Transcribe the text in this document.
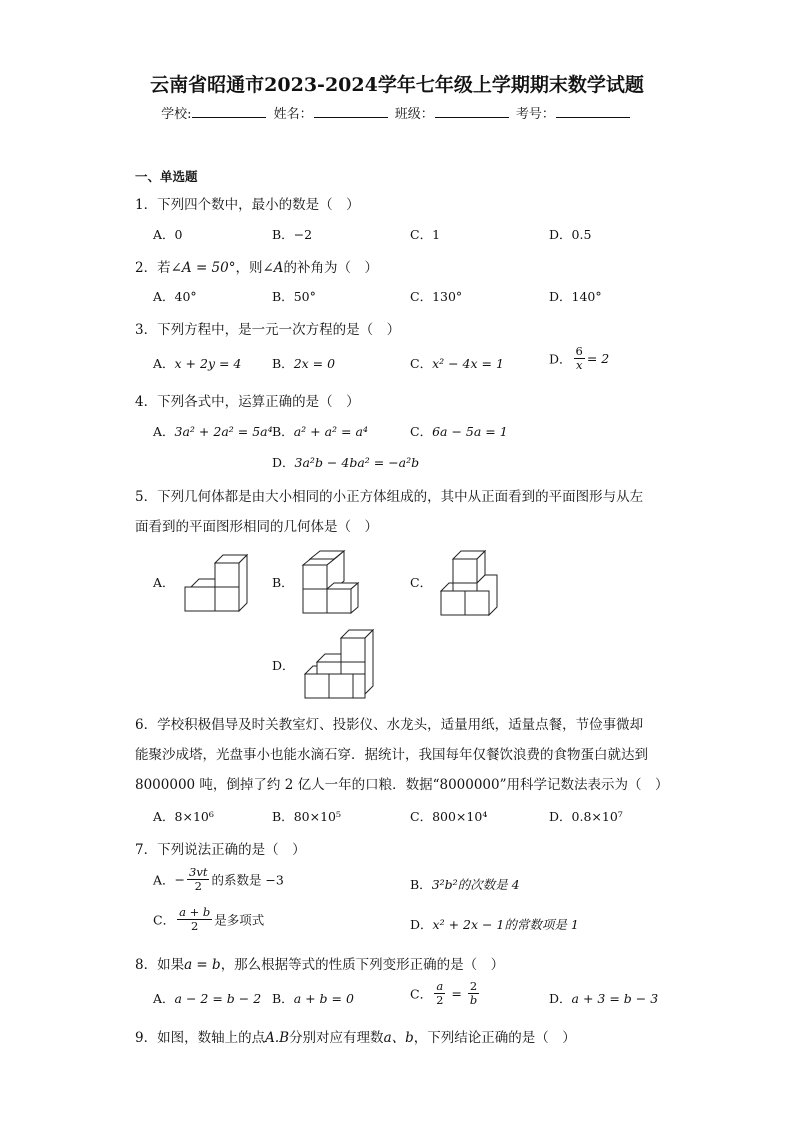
云南省昭通市2023-2024学年七年级上学期期末数学试题
学校:	姓名：	班级：	考号：
一、单选题
1．下列四个数中，最小的数是（　）
A．0	B．−2	C．1	D．0.5
2．若∠A = 50°，则∠A的补角为（　）
A．40°	B．50°	C．130°	D．140°
3．下列方程中，是一元一次方程的是（　）
A．x + 2y = 4 B．2x = 0	C．x² − 4x = 1	D． $\frac{6}{x} = 2$
4．下列各式中，运算正确的是（　）
A．3a² + 2a² = 5a⁴ B．a² + a² = a⁴	C．6a − 5a = 1
D．3a²b − 4ba² = −a²b
5．下列几何体都是由大小相同的小正方体组成的，其中从正面看到的平面图形与从左
面看到的平面图形相同的几何体是（　）
A．	B．	C．
D．
6．学校积极倡导及时关教室灯、投影仪、水龙头，适量用纸，适量点餐，节俭事微却
能聚沙成塔，光盘事小也能水滴石穿．据统计，我国每年仅餐饮浪费的食物蛋白就达到
8000000 吨，倒掉了约 2 亿人一年的口粮．数据“8000000”用科学记数法表示为（　）
A．8×10⁶	B．80×10⁵	C．800×10⁴	D．0.8×10⁷
7．下列说法正确的是（　）
A．− $\frac{3vt}{2}$ 的系数是 −3	B．3²b²的次数是 4
C． $\frac{a + b}{2}$ 是多项式	D．x² + 2x − 1的常数项是 1
8．如果a = b，那么根据等式的性质下列变形正确的是（　）
A．a − 2 = b − 2 B．a + b = 0	C． $\frac{a}{2} = \frac{2}{b}$	D．a + 3 = b − 3
9．如图，数轴上的点A.B分别对应有理数a、b，下列结论正确的是（　）
